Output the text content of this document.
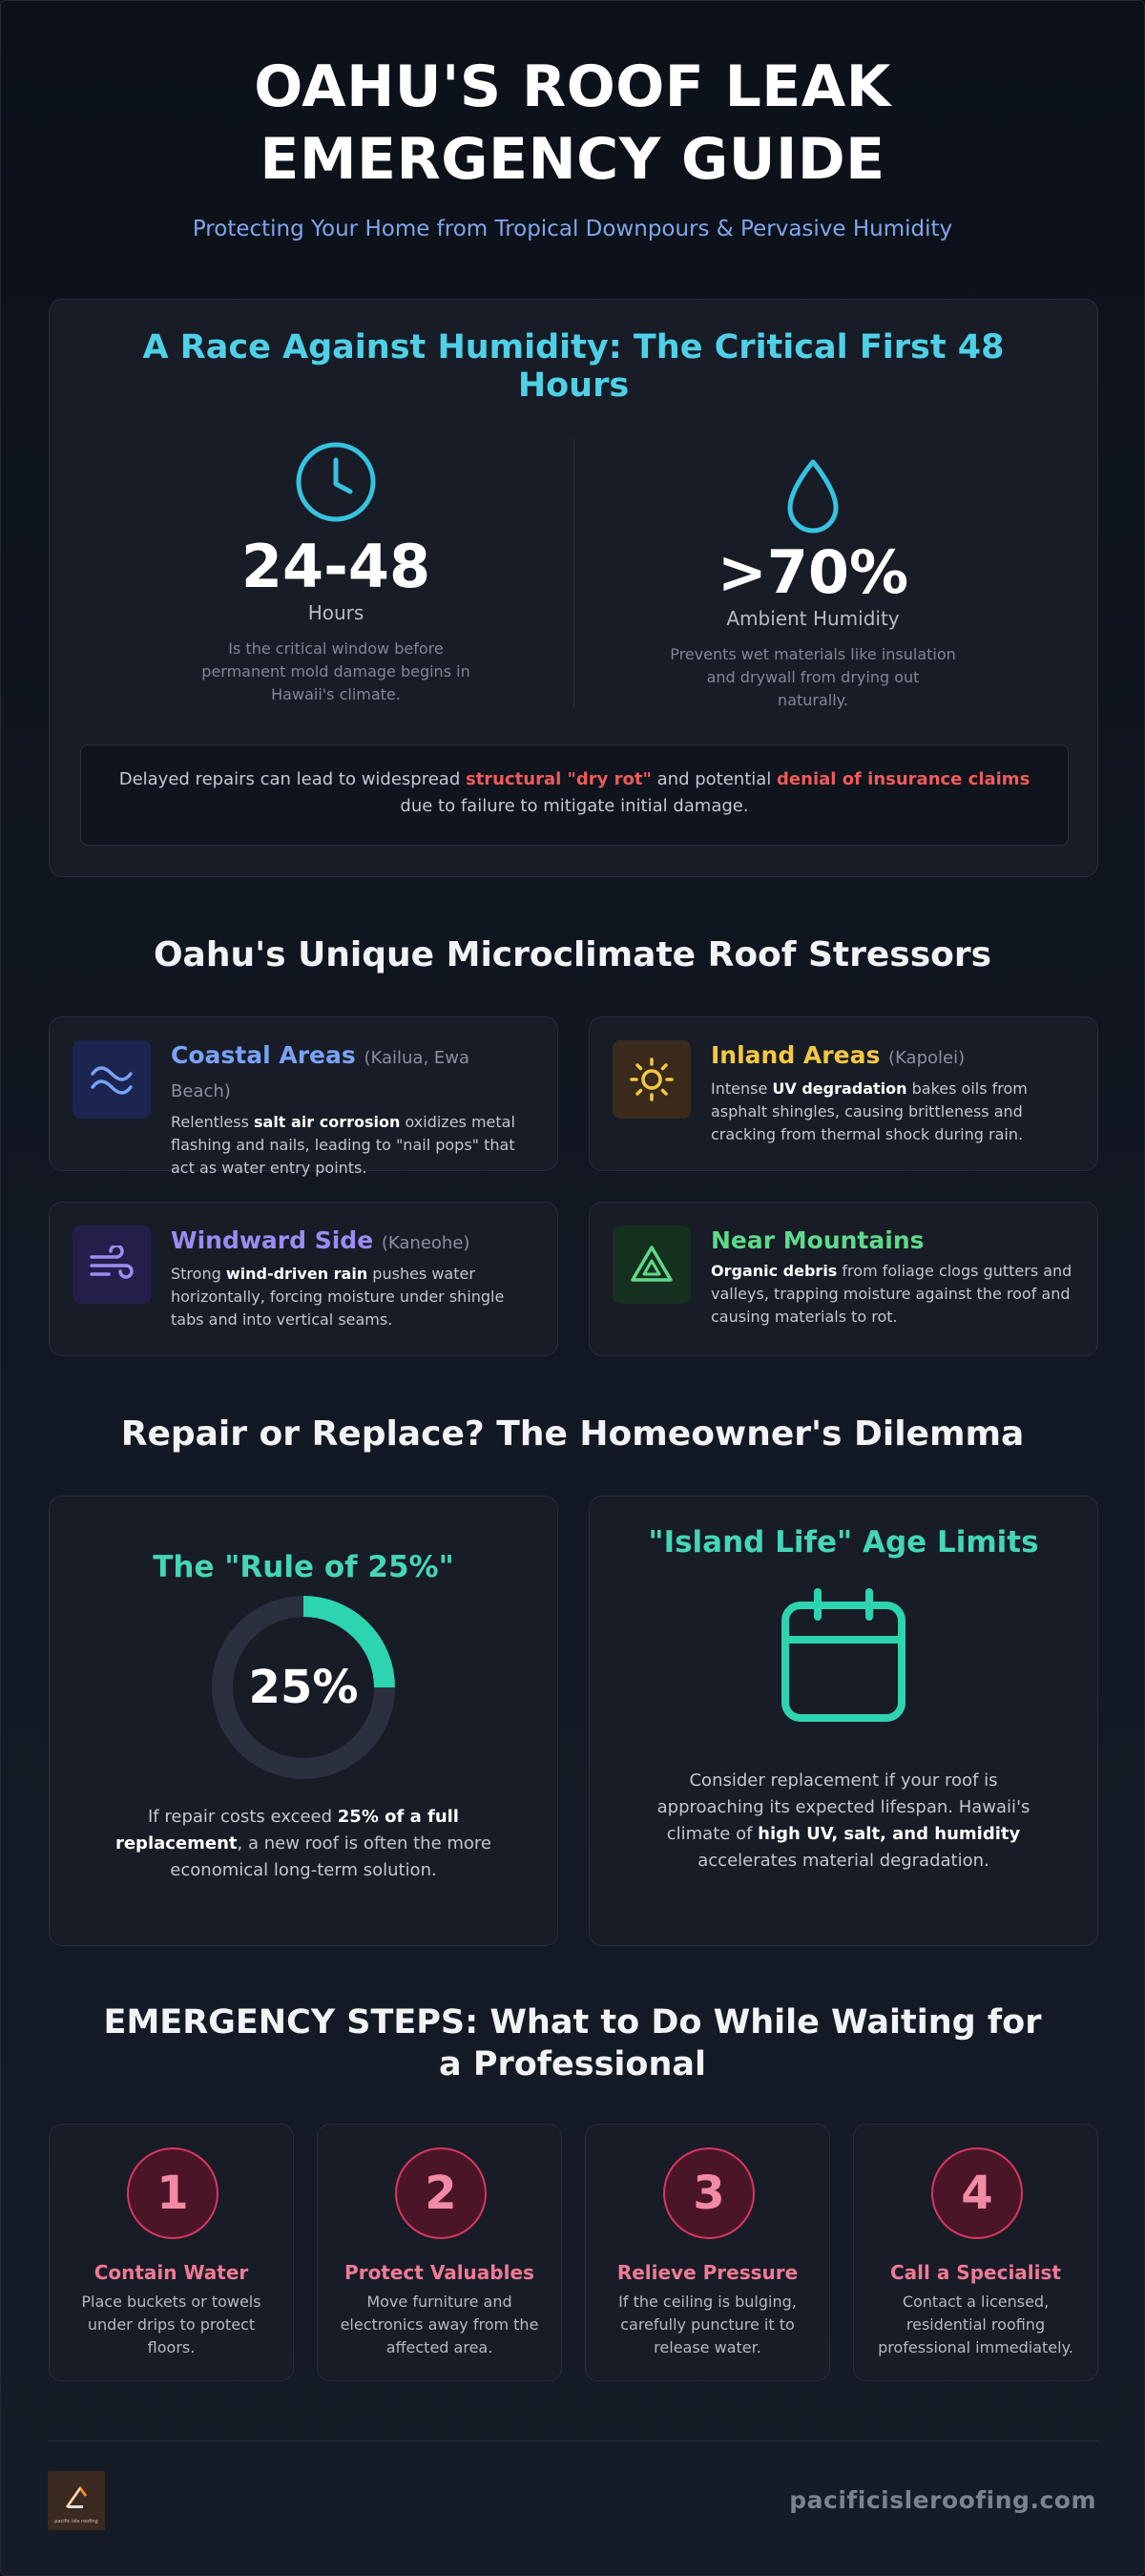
OAHU'S ROOF LEAK EMERGENCY GUIDE
Protecting Your Home from Tropical Downpours & Pervasive Humidity
A Race Against Humidity: The Critical First 48 Hours
24-48
Hours
Is the critical window before permanent mold damage begins in Hawaii's climate.
>70%
Ambient Humidity
Prevents wet materials like insulation and drywall from drying out naturally.
Delayed repairs can lead to widespread structural "dry rot" and potential denial of insurance claims due to failure to mitigate initial damage.
Oahu's Unique Microclimate Roof Stressors
Coastal Areas (Kailua, Ewa Beach)
Relentless salt air corrosion oxidizes metal flashing and nails, leading to "nail pops" that act as water entry points.
Inland Areas (Kapolei)
Intense UV degradation bakes oils from asphalt shingles, causing brittleness and cracking from thermal shock during rain.
Windward Side (Kaneohe)
Strong wind-driven rain pushes water horizontally, forcing moisture under shingle tabs and into vertical seams.
Near Mountains
Organic debris from foliage clogs gutters and valleys, trapping moisture against the roof and causing materials to rot.
Repair or Replace? The Homeowner's Dilemma
The "Rule of 25%"
25%
If repair costs exceed 25% of a full replacement, a new roof is often the more economical long-term solution.
"Island Life" Age Limits
Consider replacement if your roof is approaching its expected lifespan. Hawaii's climate of high UV, salt, and humidity accelerates material degradation.
EMERGENCY STEPS: What to Do While Waiting for a Professional
1
Contain Water
Place buckets or towels under drips to protect floors.
2
Protect Valuables
Move furniture and electronics away from the affected area.
3
Relieve Pressure
If the ceiling is bulging, carefully puncture it to release water.
4
Call a Specialist
Contact a licensed, residential roofing professional immediately.
pacific isle roofing
pacificisleroofing.com
